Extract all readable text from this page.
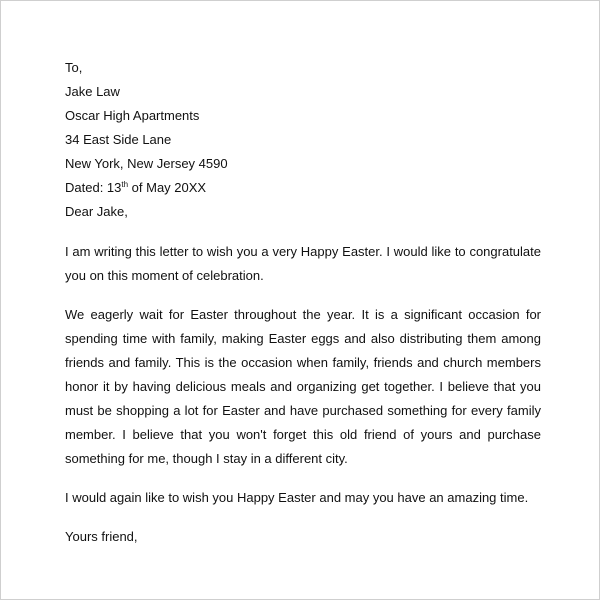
To,
Jake Law
Oscar High Apartments
34 East Side Lane
New York, New Jersey 4590
Dated: 13th of May 20XX
Dear Jake,

I am writing this letter to wish you a very Happy Easter. I would like to congratulate you on this moment of celebration.

We eagerly wait for Easter throughout the year. It is a significant occasion for spending time with family, making Easter eggs and also distributing them among friends and family. This is the occasion when family, friends and church members honor it by having delicious meals and organizing get together. I believe that you must be shopping a lot for Easter and have purchased something for every family member. I believe that you won't forget this old friend of yours and purchase something for me, though I stay in a different city.

I would again like to wish you Happy Easter and may you have an amazing time.

Yours friend,
